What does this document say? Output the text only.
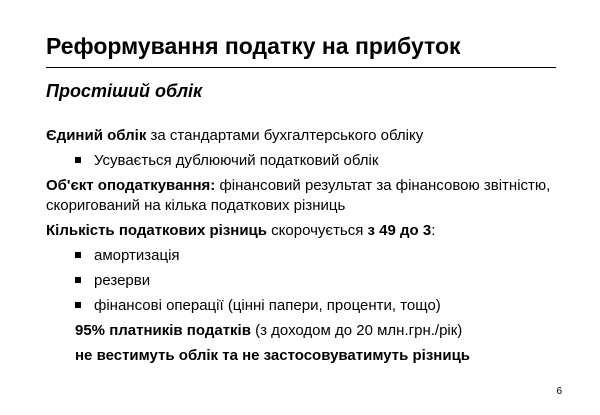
Реформування податку на прибуток
Простіший облік
Єдиний облік за стандартами бухгалтерського обліку
Усувається дублюючий податковий облік
Об'єкт оподаткування: фінансовий результат за фінансовою звітністю, скоригований на кілька податкових різниць
Кількість податкових різниць скорочується з 49 до 3:
амортизація
резерви
фінансові операції (цінні папери, проценти, тощо)
95% платників податків (з доходом до 20 млн.грн./рік)
не вестимуть облік та не застосовуватимуть різниць
6
